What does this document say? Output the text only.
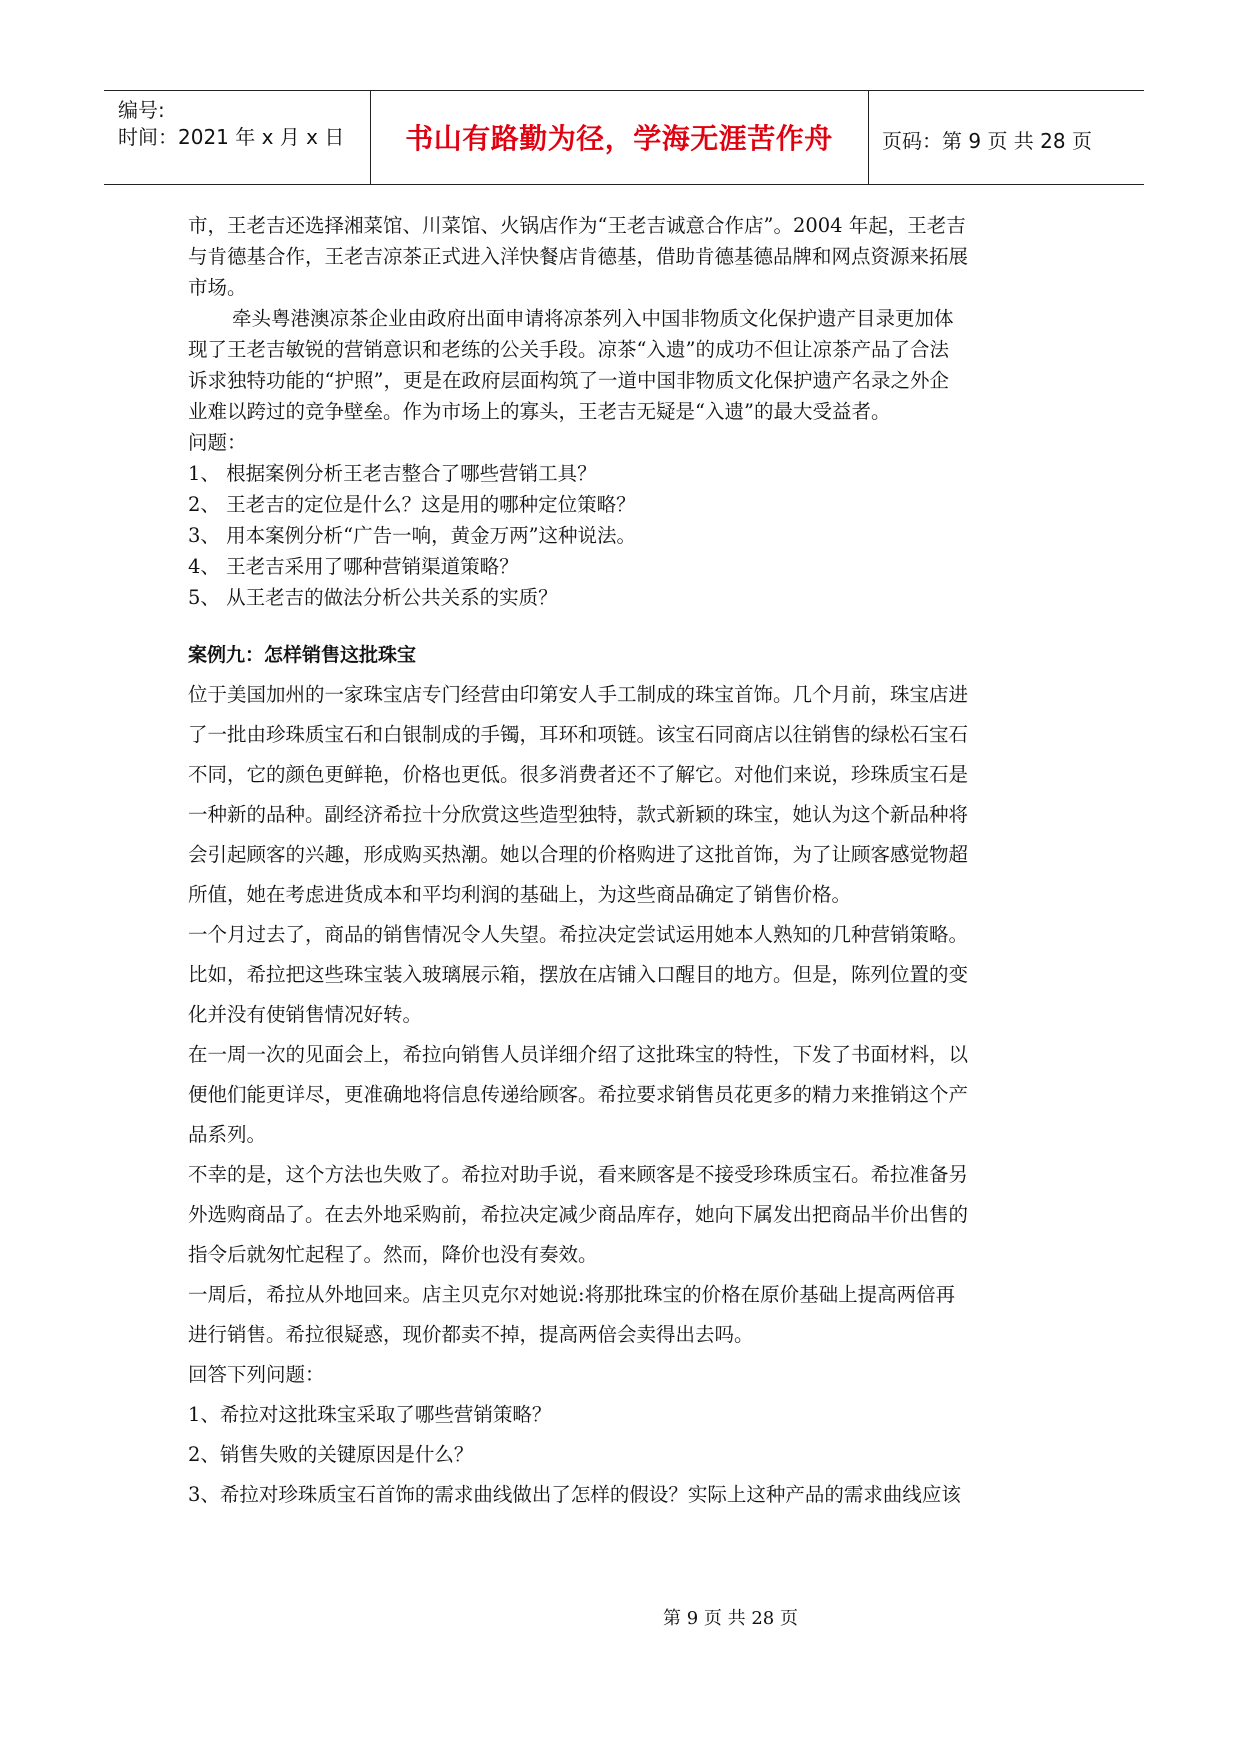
编号:
时间：2021 年 x 月 x 日	书山有路勤为径，学海无涯苦作舟	页码：第 9 页 共 28 页
市，王老吉还选择湘菜馆、川菜馆、火锅店作为“王老吉诚意合作店”。2004 年起，王老吉
与肯德基合作，王老吉凉茶正式进入洋快餐店肯德基，借助肯德基德品牌和网点资源来拓展
市场。
牵头粤港澳凉茶企业由政府出面申请将凉茶列入中国非物质文化保护遗产目录更加体
现了王老吉敏锐的营销意识和老练的公关手段。凉茶“入遗”的成功不但让凉茶产品了合法
诉求独特功能的“护照”，更是在政府层面构筑了一道中国非物质文化保护遗产名录之外企
业难以跨过的竞争壁垒。作为市场上的寡头，王老吉无疑是“入遗”的最大受益者。
问题：
1、 根据案例分析王老吉整合了哪些营销工具？
2、 王老吉的定位是什么？这是用的哪种定位策略？
3、 用本案例分析“广告一响，黄金万两”这种说法。
4、 王老吉采用了哪种营销渠道策略？
5、 从王老吉的做法分析公共关系的实质？
案例九：怎样销售这批珠宝
位于美国加州的一家珠宝店专门经营由印第安人手工制成的珠宝首饰。几个月前，珠宝店进
了一批由珍珠质宝石和白银制成的手镯，耳环和项链。该宝石同商店以往销售的绿松石宝石
不同，它的颜色更鲜艳，价格也更低。很多消费者还不了解它。对他们来说，珍珠质宝石是
一种新的品种。副经济希拉十分欣赏这些造型独特，款式新颖的珠宝，她认为这个新品种将
会引起顾客的兴趣，形成购买热潮。她以合理的价格购进了这批首饰，为了让顾客感觉物超
所值，她在考虑进货成本和平均利润的基础上，为这些商品确定了销售价格。
一个月过去了，商品的销售情况令人失望。希拉决定尝试运用她本人熟知的几种营销策略。
比如，希拉把这些珠宝装入玻璃展示箱，摆放在店铺入口醒目的地方。但是，陈列位置的变
化并没有使销售情况好转。
在一周一次的见面会上，希拉向销售人员详细介绍了这批珠宝的特性，下发了书面材料，以
便他们能更详尽，更准确地将信息传递给顾客。希拉要求销售员花更多的精力来推销这个产
品系列。
不幸的是，这个方法也失败了。希拉对助手说，看来顾客是不接受珍珠质宝石。希拉准备另
外选购商品了。在去外地采购前，希拉决定减少商品库存，她向下属发出把商品半价出售的
指令后就匆忙起程了。然而，降价也没有奏效。
一周后，希拉从外地回来。店主贝克尔对她说:将那批珠宝的价格在原价基础上提高两倍再
进行销售。希拉很疑惑，现价都卖不掉，提高两倍会卖得出去吗。
回答下列问题：
1、希拉对这批珠宝采取了哪些营销策略？
2、销售失败的关键原因是什么？
3、希拉对珍珠质宝石首饰的需求曲线做出了怎样的假设？实际上这种产品的需求曲线应该
第 9 页 共 28 页
